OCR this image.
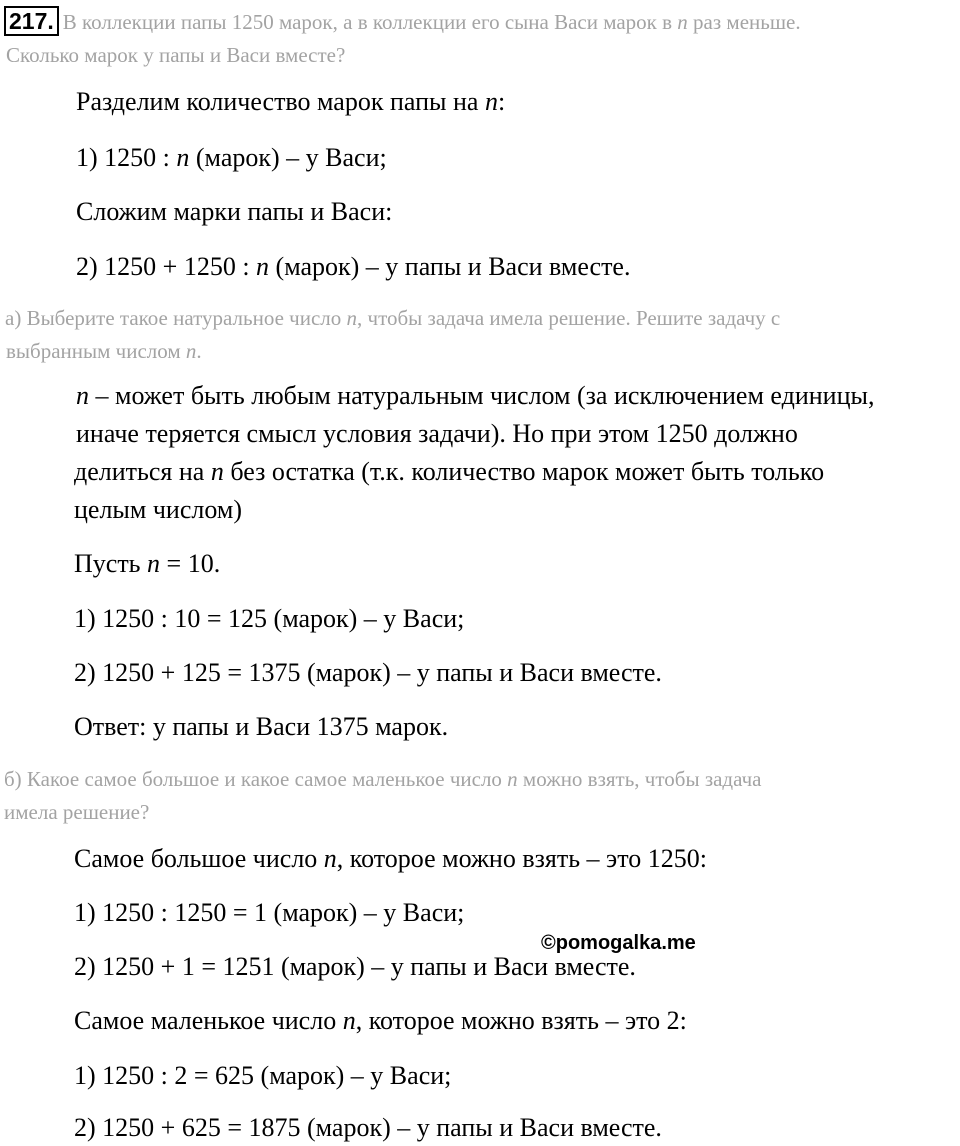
217. В коллекции папы 1250 марок, а в коллекции его сына Васи марок в n раз меньше.
Сколько марок у папы и Васи вместе?
Разделим количество марок папы на n:
1) 1250 : n (марок) – у Васи;
Сложим марки папы и Васи:
2) 1250 + 1250 : n (марок) – у папы и Васи вместе.
а) Выберите такое натуральное число n, чтобы задача имела решение. Решите задачу с
выбранным числом n.
n – может быть любым натуральным числом (за исключением единицы,
иначе теряется смысл условия задачи). Но при этом 1250 должно
делиться на n без остатка (т.к. количество марок может быть только
целым числом)
Пусть n = 10.
1) 1250 : 10 = 125 (марок) – у Васи;
2) 1250 + 125 = 1375 (марок) – у папы и Васи вместе.
Ответ: у папы и Васи 1375 марок.
б) Какое самое большое и какое самое маленькое число n можно взять, чтобы задача
имела решение?
Самое большое число n, которое можно взять – это 1250:
1) 1250 : 1250 = 1 (марок) – у Васи;
2) 1250 + 1 = 1251 (марок) – у папы и Васи вместе.
Самое маленькое число n, которое можно взять – это 2:
1) 1250 : 2 = 625 (марок) – у Васи;
2) 1250 + 625 = 1875 (марок) – у папы и Васи вместе.
©pomogalka.me
